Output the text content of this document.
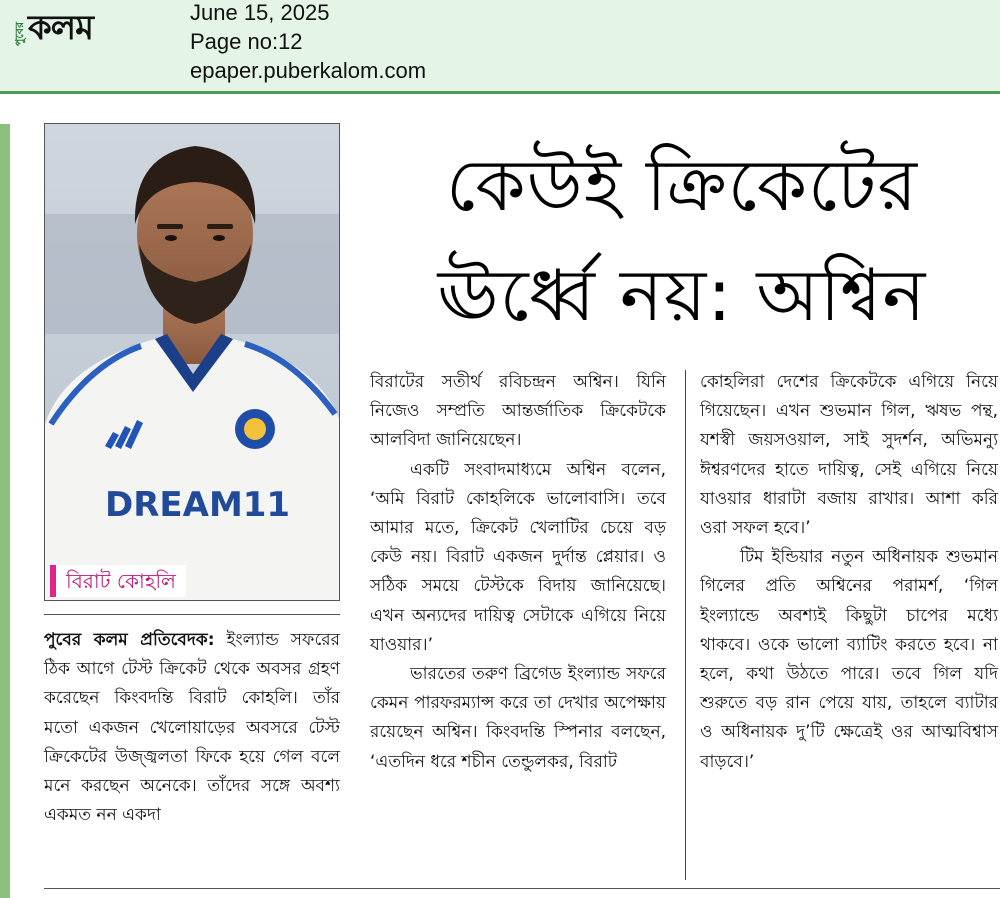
পুবের কলম	June 15, 2025
Page no:12
epaper.puberkalom.com
DREAM11
বিরাট কোহলি
কেউই ক্রিকেটের
ঊর্ধ্বে নয়: অশ্বিন

পুবের কলম প্রতিবেদক: ইংল্যান্ড সফরের ঠিক আগে টেস্ট ক্রিকেট থেকে অবসর গ্রহণ করেছেন কিংবদন্তি বিরাট কোহলি। তাঁর মতো একজন খেলোয়াড়ের অবসরে টেস্ট ক্রিকেটের উজ্জ্বলতা ফিকে হয়ে গেল বলে মনে করছেন অনেকে। তাঁদের সঙ্গে অবশ্য একমত নন একদা

বিরাটের সতীর্থ রবিচন্দ্রন অশ্বিন। যিনি নিজেও সম্প্রতি আন্তর্জাতিক ক্রিকেটকে আলবিদা জানিয়েছেন।

একটি সংবাদমাধ্যমে অশ্বিন বলেন, ‘অমি বিরাট কোহলিকে ভালোবাসি। তবে আমার মতে, ক্রিকেট খেলাটির চেয়ে বড় কেউ নয়। বিরাট একজন দুর্দান্ত প্লেয়ার। ও সঠিক সময়ে টেস্টকে বিদায় জানিয়েছে। এখন অন্যদের দায়িত্ব সেটাকে এগিয়ে নিয়ে যাওয়ার।’

ভারতের তরুণ ব্রিগেড ইংল্যান্ড সফরে কেমন পারফরম্যান্স করে তা দেখার অপেক্ষায় রয়েছেন অশ্বিন। কিংবদন্তি স্পিনার বলছেন, ‘এতদিন ধরে শচীন তেন্ডুলকর, বিরাট

কোহলিরা দেশের ক্রিকেটকে এগিয়ে নিয়ে গিয়েছেন। এখন শুভমান গিল, ঋষভ পন্থ, যশস্বী জয়সওয়াল, সাই সুদর্শন, অভিমন্যু ঈশ্বরণদের হাতে দায়িত্ব, সেই এগিয়ে নিয়ে যাওয়ার ধারাটা বজায় রাখার। আশা করি ওরা সফল হবে।’

টিম ইন্ডিয়ার নতুন অধিনায়ক শুভমান গিলের প্রতি অশ্বিনের পরামর্শ, ‘গিল ইংল্যান্ডে অবশ্যই কিছুটা চাপের মধ্যে থাকবে। ওকে ভালো ব্যাটিং করতে হবে। না হলে, কথা উঠতে পারে। তবে গিল যদি শুরুতে বড় রান পেয়ে যায়, তাহলে ব্যাটার ও অধিনায়ক দু’টি ক্ষেত্রেই ওর আত্মবিশ্বাস বাড়বে।’
